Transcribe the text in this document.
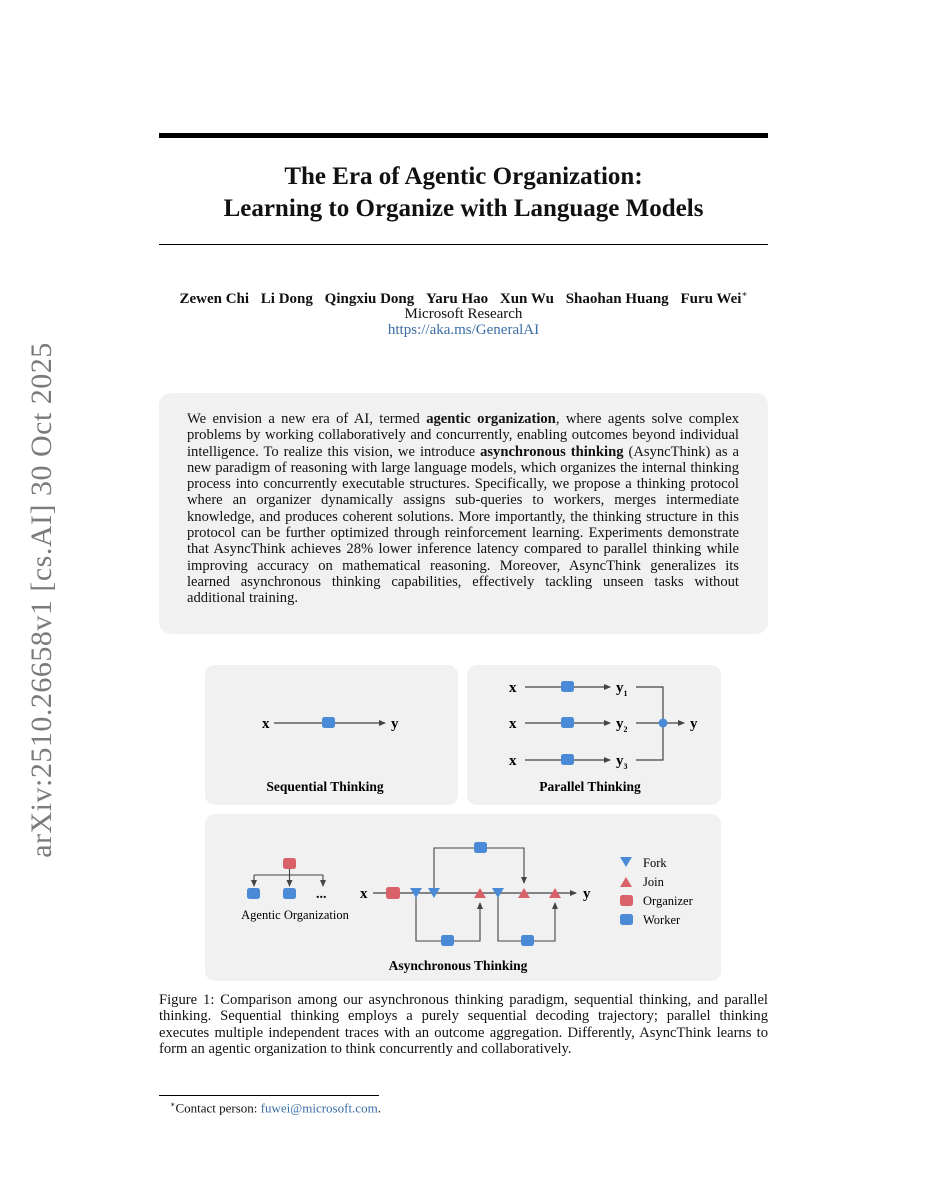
arXiv:2510.26658v1 [cs.AI] 30 Oct 2025
The Era of Agentic Organization:
Learning to Organize with Language Models
Zewen Chi Li Dong Qingxiu Dong Yaru Hao Xun Wu Shaohan Huang Furu Wei∗
Microsoft Research
https://aka.ms/GeneralAI
We envision a new era of AI, termed agentic organization, where agents solve complex problems by working collaboratively and concurrently, enabling outcomes beyond individual intelligence. To realize this vision, we introduce asynchronous thinking (AsyncThink) as a new paradigm of reasoning with large language models, which organizes the internal thinking process into concurrently executable structures. Specifically, we propose a thinking protocol where an organizer dynamically assigns sub-queries to workers, merges intermediate knowledge, and produces coherent solutions. More importantly, the thinking structure in this protocol can be further optimized through reinforcement learning. Experiments demonstrate that AsyncThink achieves 28% lower inference latency compared to parallel thinking while improving accuracy on mathematical reasoning. Moreover, AsyncThink generalizes its learned asynchronous thinking capabilities, effectively tackling unseen tasks without additional training.
x	y
Sequential Thinking
x
x
x
$y_1$
$y_2$
$y_3$
y
Parallel Thinking
...
Agentic Organization
x	y
Asynchronous Thinking
Fork
Join
Organizer
Worker
Figure 1: Comparison among our asynchronous thinking paradigm, sequential thinking, and parallel thinking. Sequential thinking employs a purely sequential decoding trajectory; parallel thinking executes multiple independent traces with an outcome aggregation. Differently, AsyncThink learns to form an agentic organization to think concurrently and collaboratively.
∗Contact person: fuwei@microsoft.com.
